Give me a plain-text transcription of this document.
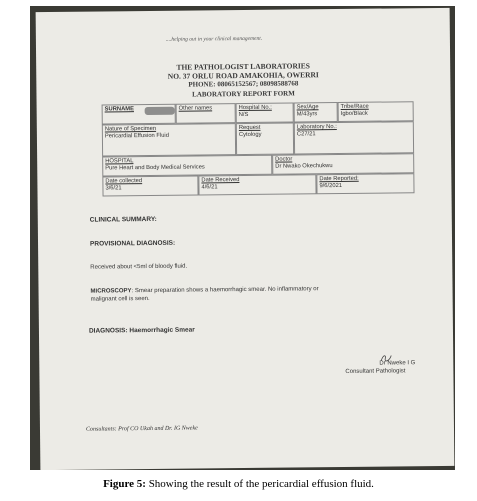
....helping out in your clinical management.
THE PATHOLOGIST LABORATORIES
NO. 37 ORLU ROAD AMAKOHIA, OWERRI
PHONE: 08065152567; 08098588768
LABORATORY REPORT FORM
SURNAME	Other names	Hospital No.:
N/S
Sex/Age
M/43yrs
Tribe/Race
Igbo/Black
Nature of Specimen
Pericardial Effusion Fluid
Request
Cytology
Laboratory No.:
C27/21
HOSPITAL
Pure Heart and Body Medical Services
Doctor
Dr Nwako Okechukwu
Date collected
3/6/21
Date Received
4/6/21
Date Reported:
9/6/2021
CLINICAL SUMMARY:
PROVISIONAL DIAGNOSIS:
Received about <5ml of bloody fluid.
MICROSCOPY: Smear preparation shows a haemorrhagic smear. No inflammatory or
malignant cell is seen.
DIAGNOSIS: Haemorrhagic Smear
Dr Nweke I G
Consultant Pathologist
Consultants: Prof CO Ukah and Dr. IG Nweke
Figure 5: Showing the result of the pericardial effusion fluid.
